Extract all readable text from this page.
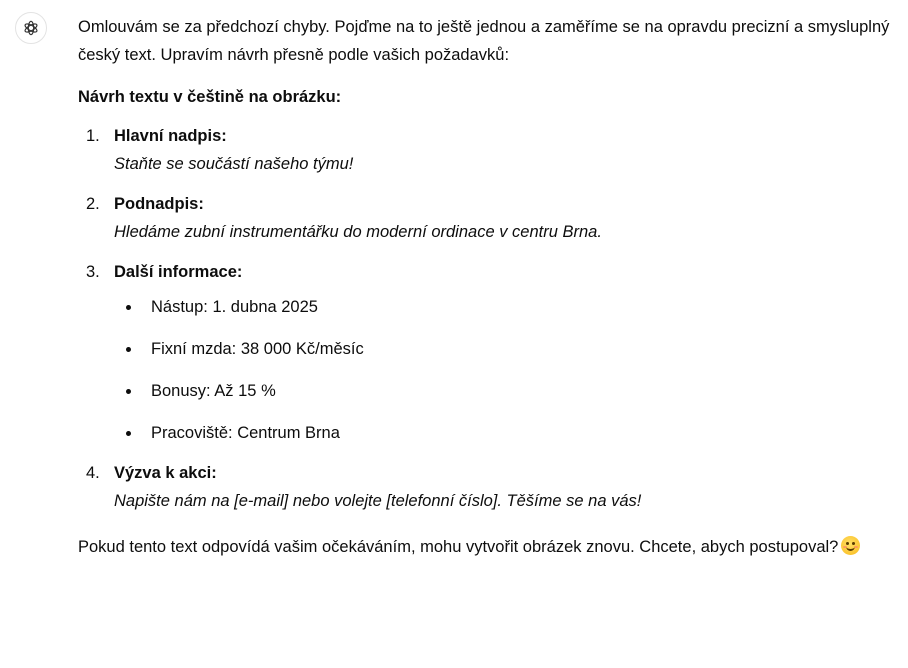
Omlouvám se za předchozí chyby. Pojďme na to ještě jednou a zaměříme se na opravdu precizní a smysluplný český text. Upravím návrh přesně podle vašich požadavků:

Návrh textu v češtině na obrázku:

1. Hlavní nadpis:
Staňte se součástí našeho týmu!
2. Podnadpis:
Hledáme zubní instrumentářku do moderní ordinace v centru Brna.
3. Další informace:
Nástup: 1. dubna 2025
Fixní mzda: 38 000 Kč/měsíc
Bonusy: Až 15 %
Pracoviště: Centrum Brna
4. Výzva k akci:
Napište nám na [e-mail] nebo volejte [telefonní číslo]. Těšíme se na vás!

Pokud tento text odpovídá vašim očekáváním, mohu vytvořit obrázek znovu. Chcete, abych postupoval?
